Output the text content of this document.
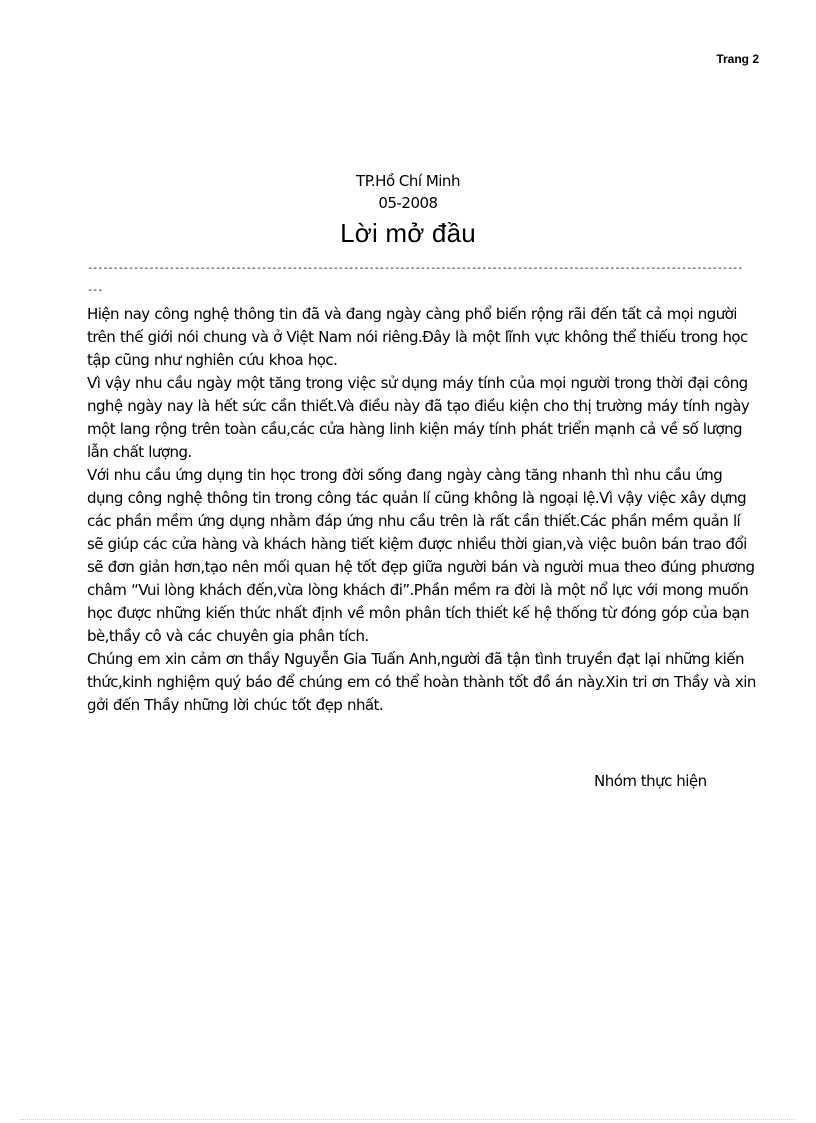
Trang 2
TP.Hồ Chí Minh
05-2008
Lời mở đầu
-----------------------------------------------------------------------------------------------------------------------------------

Hiện nay công nghệ thông tin đã và đang ngày càng phổ biến rộng rãi đến tất cả mọi người trên thế giới nói chung và ở Việt Nam nói riêng.Đây là một lĩnh vực không thể thiếu trong học tập cũng như nghiên cứu khoa học.

Vì vậy nhu cầu ngày một tăng trong việc sử dụng máy tính của mọi người trong thời đại công nghệ ngày nay là hết sức cần thiết.Và điều này đã tạo điều kiện cho thị trường máy tính ngày một lang rộng trên toàn cầu,các cửa hàng linh kiện máy tính phát triển mạnh cả về số lượng lẫn chất lượng.

Với nhu cầu ứng dụng tin học trong đời sống đang ngày càng tăng nhanh thì nhu cầu ứng dụng công nghệ thông tin trong công tác quản lí cũng không là ngoại lệ.Vì vậy việc xây dựng các phần mềm ứng dụng nhằm đáp ứng nhu cầu trên là rất cần thiết.Các phần mềm quản lí sẽ giúp các cửa hàng và khách hàng tiết kiệm được nhiều thời gian,và việc buôn bán trao đổi sẽ đơn giản hơn,tạo nên mối quan hệ tốt đẹp giữa người bán và người mua theo đúng phương châm “Vui lòng khách đến,vừa lòng khách đi”.Phần mềm ra đời là một nổ lực với mong muốn học được những kiến thức nhất định về môn phân tích thiết kế hệ thống từ đóng góp của bạn bè,thầy cô và các chuyên gia phân tích.

Chúng em xin cảm ơn thầy Nguyễn Gia Tuấn Anh,người đã tận tình truyền đạt lại những kiến thức,kinh nghiệm quý báo để chúng em có thể hoàn thành tốt đồ án này.Xin tri ơn Thầy và xin gởi đến Thầy những lời chúc tốt đẹp nhất.

Nhóm thực hiện
